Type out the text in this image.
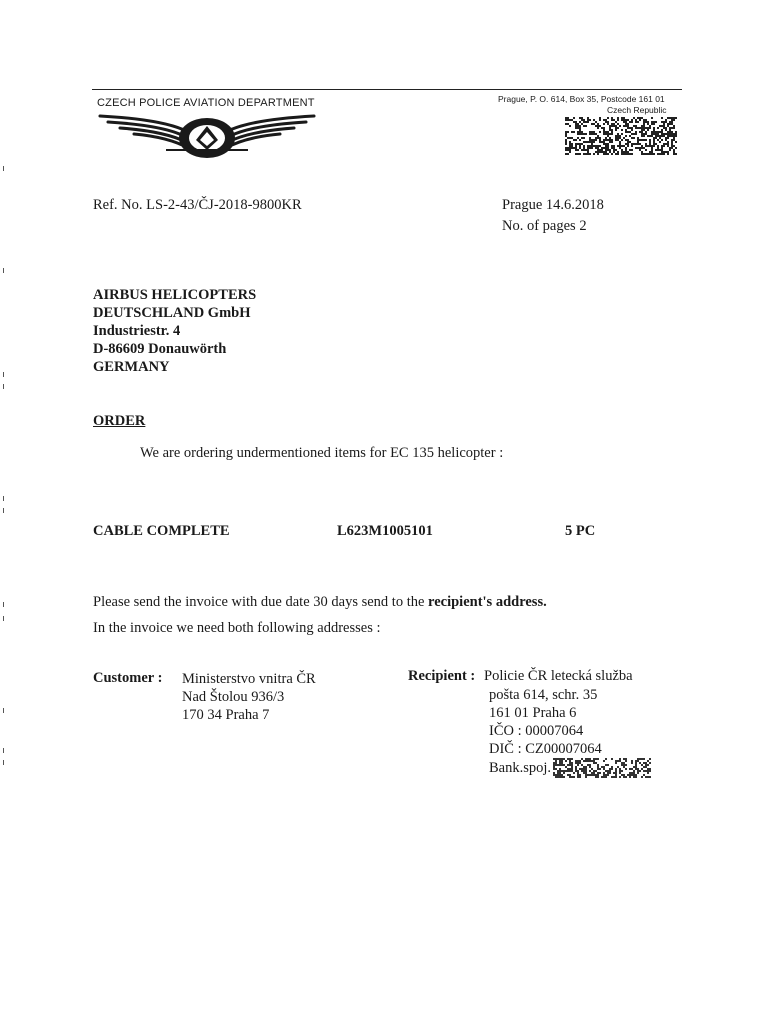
CZECH POLICE AVIATION DEPARTMENT	Prague, P. O. 614, Box 35, Postcode 161 01
Czech Republic
Ref. No. LS-2-43/ČJ-2018-9800KR	Prague 14.6.2018
No. of pages 2
AIRBUS HELICOPTERS
DEUTSCHLAND GmbH
Industriestr. 4
D-86609 Donauwörth
GERMANY
ORDER
We are ordering undermentioned items for EC 135 helicopter :
CABLE COMPLETE	L623M1005101	5 PC
Please send the invoice with due date 30 days send to the recipient's address.
In the invoice we need both following addresses :
Customer : Ministerstvo vnitra ČR
Nad Štolou 936/3
170 34 Praha 7
Recipient : Policie ČR letecká služba
pošta 614, schr. 35
161 01 Praha 6
IČO : 00007064
DIČ : CZ00007064
Bank.spoj.
